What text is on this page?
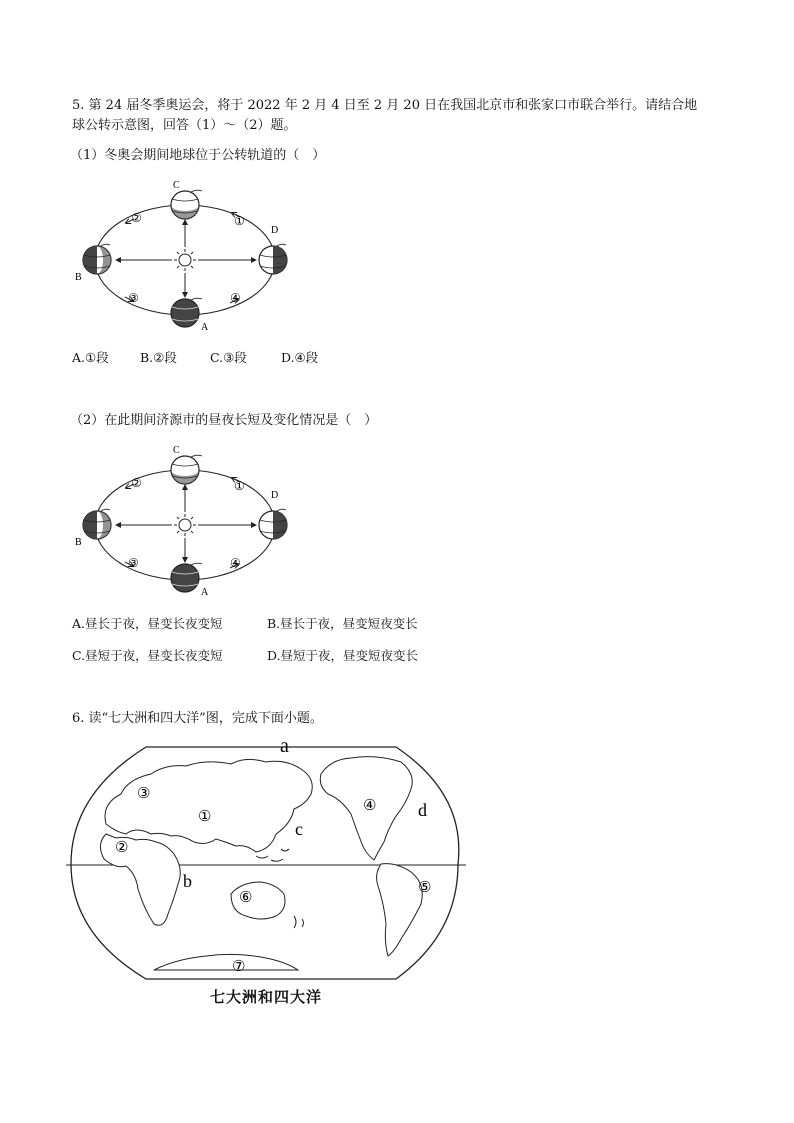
5. 第 24 届冬季奥运会，将于 2022 年 2 月 4 日至 2 月 20 日在我国北京市和张家口市联合举行。请结合地
球公转示意图，回答（1）～（2）题。
（1）冬奥会期间地球位于公转轨道的（　）
C
A
B
D
①
②
③	④
A.①段	B.②段	C.③段	D.④段
（2）在此期间济源市的昼夜长短及变化情况是（　）
C
A
B
D
①
②
③	④
A.昼长于夜，昼变长夜变短	B.昼长于夜，昼变短夜变长
C.昼短于夜，昼变长夜变短	D.昼短于夜，昼变短夜变长
6. 读“七大洲和四大洋”图，完成下面小题。
a
b
c
d
①
②
③
④
⑤
⑥
⑦
七大洲和四大洋
